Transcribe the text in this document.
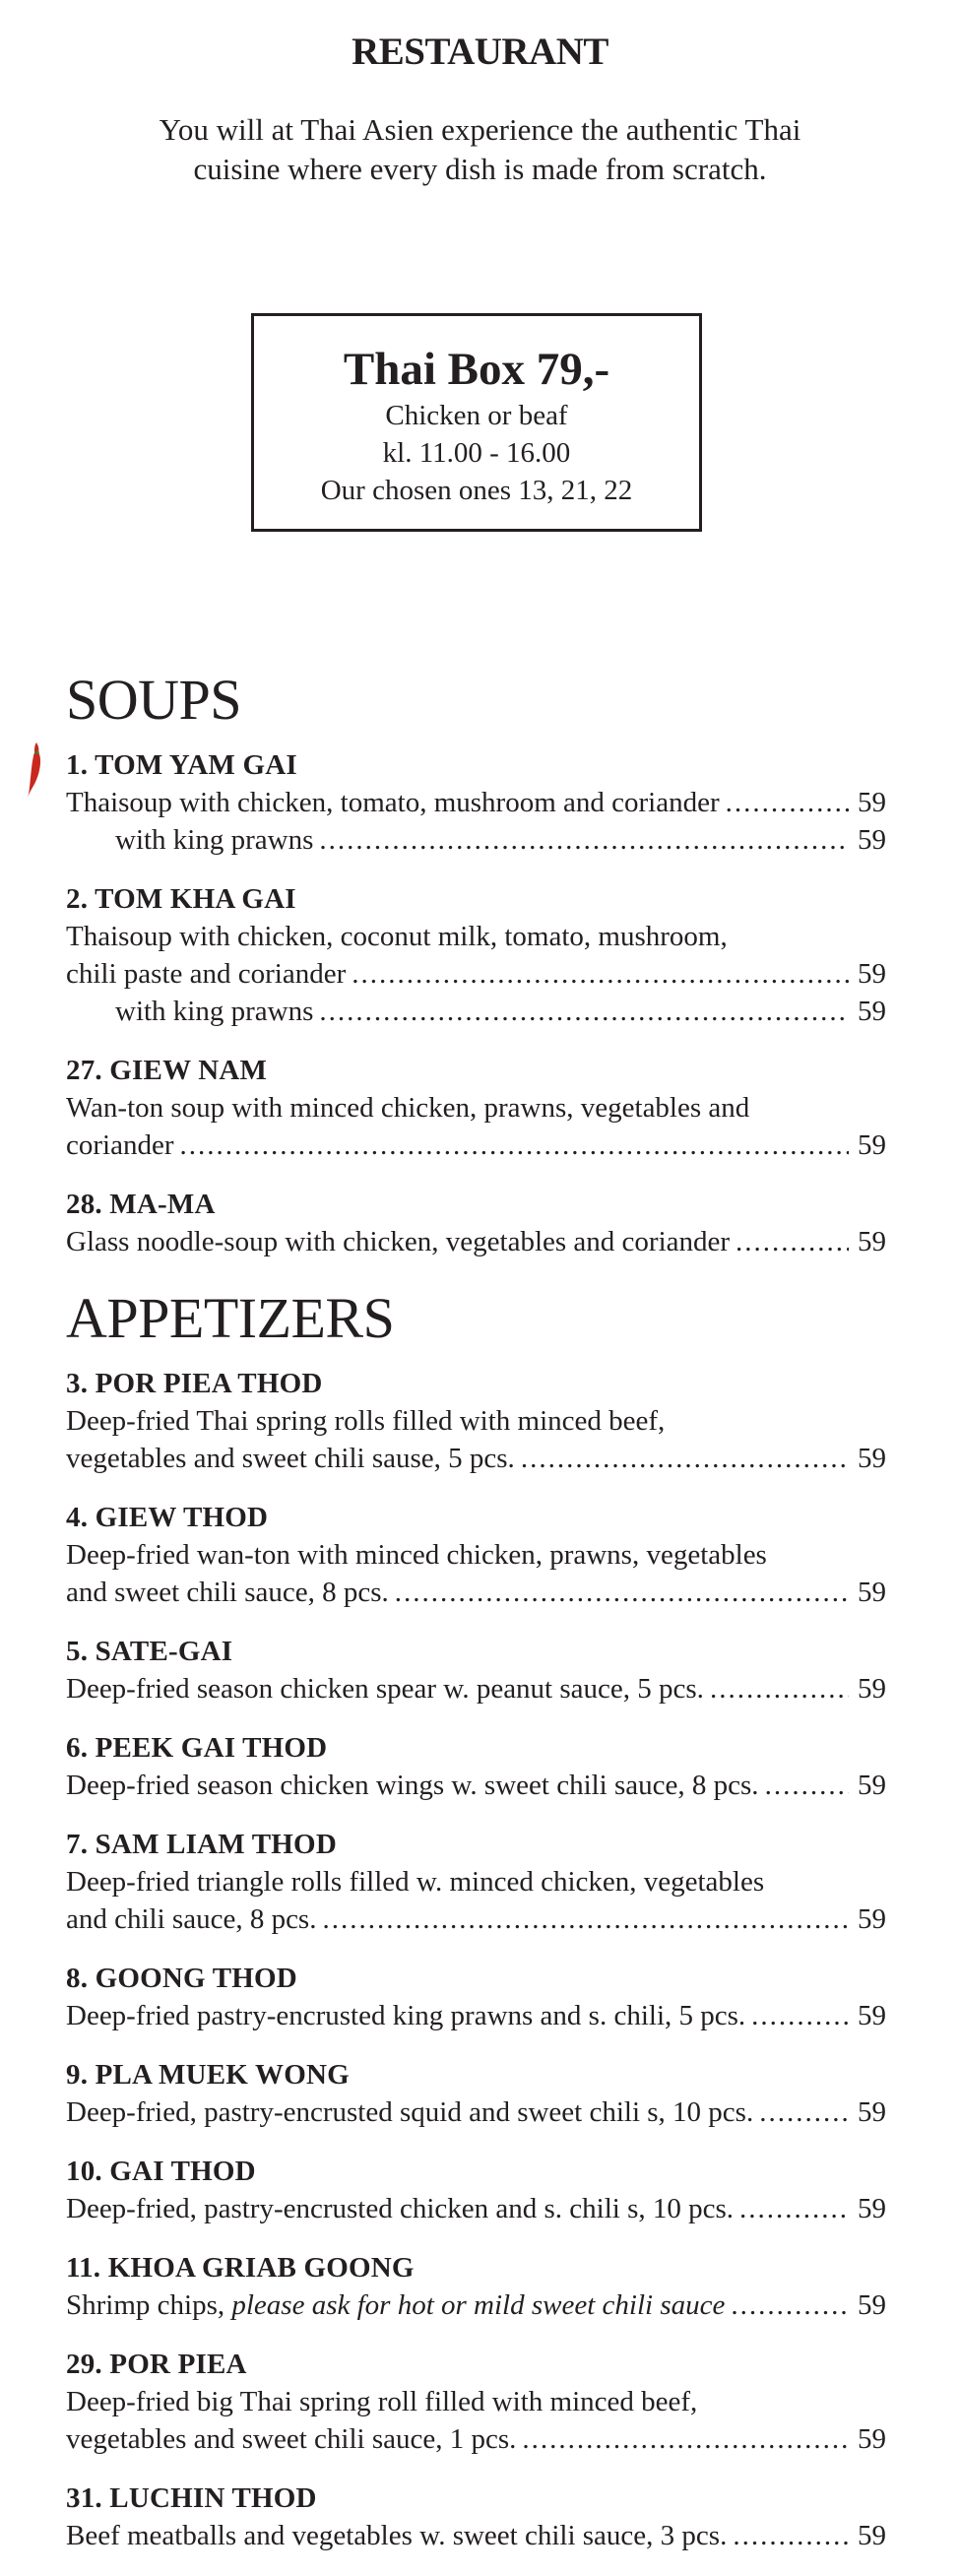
RESTAURANT
You will at Thai Asien experience the authentic Thai
cuisine where every dish is made from scratch.
Thai Box 79,-
Chicken or beaf
kl. 11.00 - 16.00
Our chosen ones 13, 21, 22
SOUPS
1. TOM YAM GAI
Thaisoup with chicken, tomato, mushroom and coriander .....	59
with king prawns .....	59
2. TOM KHA GAI
Thaisoup with chicken, coconut milk, tomato, mushroom,
chili paste and coriander .....	59
with king prawns .....	59
27. GIEW NAM
Wan-ton soup with minced chicken, prawns, vegetables and
coriander .....	59
28. MA-MA
Glass noodle-soup with chicken, vegetables and coriander .....	59
APPETIZERS
3. POR PIEA THOD
Deep-fried Thai spring rolls filled with minced beef,
vegetables and sweet chili sause, 5 pcs. .....	59
4. GIEW THOD
Deep-fried wan-ton with minced chicken, prawns, vegetables
and sweet chili sauce, 8 pcs. .....	59
5. SATE-GAI
Deep-fried season chicken spear w. peanut sauce, 5 pcs. .....	59
6. PEEK GAI THOD
Deep-fried season chicken wings w. sweet chili sauce, 8 pcs. .....	59
7. SAM LIAM THOD
Deep-fried triangle rolls filled w. minced chicken, vegetables
and chili sauce, 8 pcs. .....	59
8. GOONG THOD
Deep-fried pastry-encrusted king prawns and s. chili, 5 pcs. .....	59
9. PLA MUEK WONG
Deep-fried, pastry-encrusted squid and sweet chili s, 10 pcs. .....	59
10. GAI THOD
Deep-fried, pastry-encrusted chicken and s. chili s, 10 pcs. .....	59
11. KHOA GRIAB GOONG
Shrimp chips, please ask for hot or mild sweet chili sauce .....	59
29. POR PIEA
Deep-fried big Thai spring roll filled with minced beef,
vegetables and sweet chili sauce, 1 pcs. .....	59
31. LUCHIN THOD
Beef meatballs and vegetables w. sweet chili sauce, 3 pcs. .....	59
